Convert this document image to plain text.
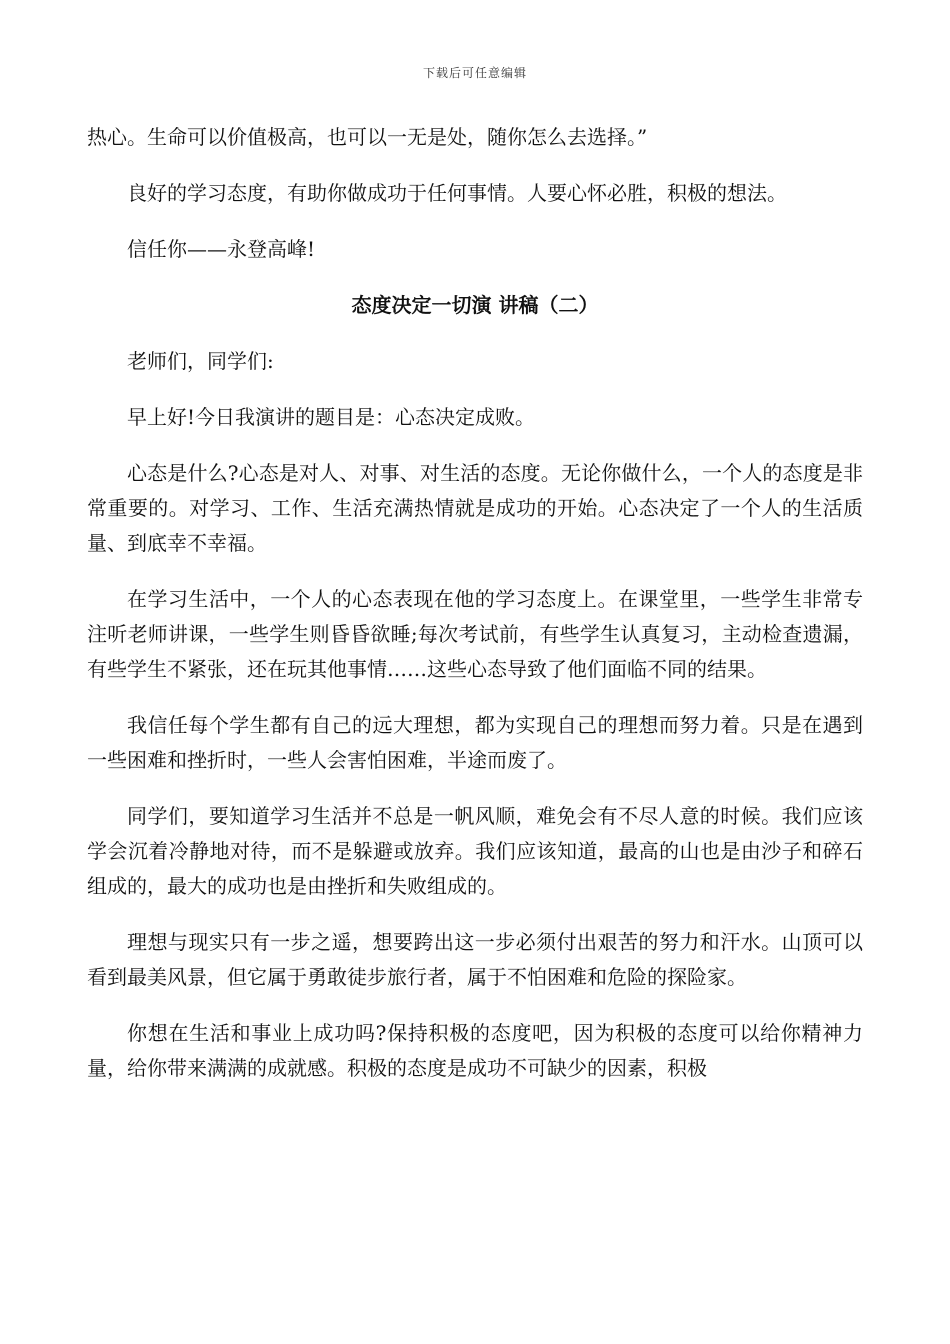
下载后可任意编辑

热心。生命可以价值极高，也可以一无是处，随你怎么去选择。”

良好的学习态度，有助你做成功于任何事情。人要心怀必胜，积极的想法。

信任你——永登高峰!

态度决定一切演 讲稿（二）

老师们，同学们:

早上好!今日我演讲的题目是：心态决定成败。

心态是什么?心态是对人、对事、对生活的态度。无论你做什么，一个人的态度是非常重要的。对学习、工作、生活充满热情就是成功的开始。心态决定了一个人的生活质量、到底幸不幸福。

在学习生活中，一个人的心态表现在他的学习态度上。在课堂里，一些学生非常专注听老师讲课，一些学生则昏昏欲睡;每次考试前，有些学生认真复习，主动检查遗漏，有些学生不紧张，还在玩其他事情……这些心态导致了他们面临不同的结果。

我信任每个学生都有自己的远大理想，都为实现自己的理想而努力着。只是在遇到一些困难和挫折时，一些人会害怕困难，半途而废了。

同学们，要知道学习生活并不总是一帆风顺，难免会有不尽人意的时候。我们应该学会沉着冷静地对待，而不是躲避或放弃。我们应该知道，最高的山也是由沙子和碎石组成的，最大的成功也是由挫折和失败组成的。

理想与现实只有一步之遥，想要跨出这一步必须付出艰苦的努力和汗水。山顶可以看到最美风景，但它属于勇敢徒步旅行者，属于不怕困难和危险的探险家。

你想在生活和事业上成功吗?保持积极的态度吧，因为积极的态度可以给你精神力量，给你带来满满的成就感。积极的态度是成功不可缺少的因素，积极
